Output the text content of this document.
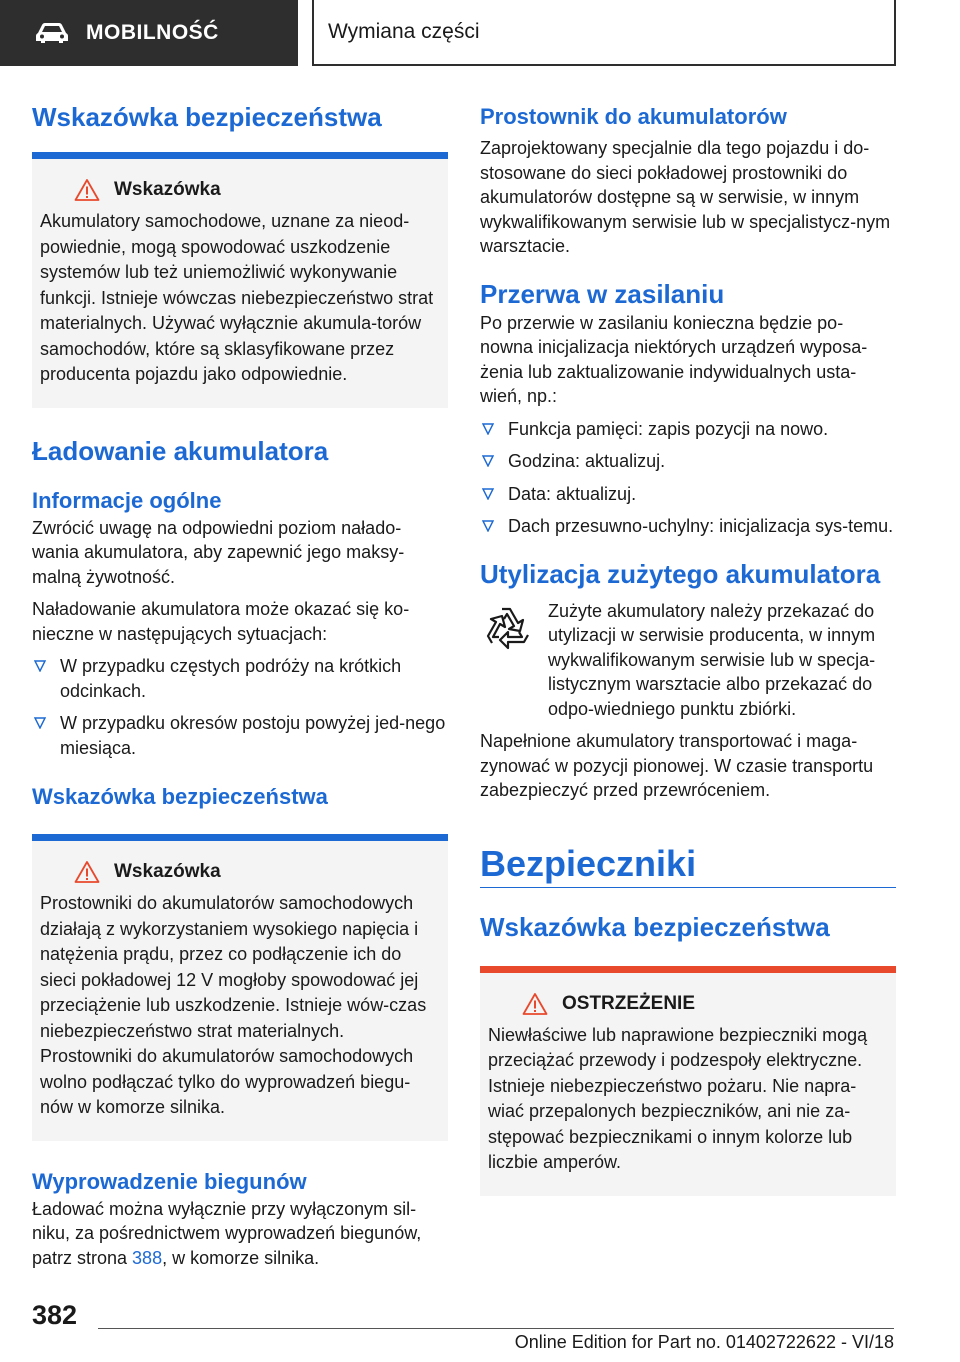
MOBILNOŚĆ	Wymiana części
Wskazówka bezpieczeństwa
Wskazówka

Akumulatory samochodowe, uznane za nieod-powiednie, mogą spowodować uszkodzenie systemów lub też uniemożliwić wykonywanie funkcji. Istnieje wówczas niebezpieczeństwo strat materialnych. Używać wyłącznie akumula-torów samochodów, które są sklasyfikowane przez producenta pojazdu jako odpowiednie.

Ładowanie akumulatora
Informacje ogólne

Zwrócić uwagę na odpowiedni poziom nałado-wania akumulatora, aby zapewnić jego maksy-malną żywotność.

Naładowanie akumulatora może okazać się ko-nieczne w następujących sytuacjach:

W przypadku częstych podróży na krótkich odcinkach.
W przypadku okresów postoju powyżej jed-nego miesiąca.
Wskazówka bezpieczeństwa
Wskazówka

Prostowniki do akumulatorów samochodowych działają z wykorzystaniem wysokiego napięcia i natężenia prądu, przez co podłączenie ich do sieci pokładowej 12 V mogłoby spowodować jej przeciążenie lub uszkodzenie. Istnieje wów-czas niebezpieczeństwo strat materialnych. Prostowniki do akumulatorów samochodowych wolno podłączać tylko do wyprowadzeń biegu-nów w komorze silnika.

Wyprowadzenie biegunów

Ładować można wyłącznie przy wyłączonym sil-niku, za pośrednictwem wyprowadzeń biegunów, patrz strona 388, w komorze silnika.

Prostownik do akumulatorów

Zaprojektowany specjalnie dla tego pojazdu i do-stosowane do sieci pokładowej prostowniki do akumulatorów dostępne są w serwisie, w innym wykwalifikowanym serwisie lub w specjalistycz-nym warsztacie.

Przerwa w zasilaniu

Po przerwie w zasilaniu konieczna będzie po-nowna inicjalizacja niektórych urządzeń wyposa-żenia lub zaktualizowanie indywidualnych usta-wień, np.:

Funkcja pamięci: zapis pozycji na nowo.
Godzina: aktualizuj.
Data: aktualizuj.
Dach przesuwno-uchylny: inicjalizacja sys-temu.
Utylizacja zużytego akumulatora

Zużyte akumulatory należy przekazać do utylizacji w serwisie producenta, w innym wykwalifikowanym serwisie lub w specja-listycznym warsztacie albo przekazać do odpo-wiedniego punktu zbiórki.

Napełnione akumulatory transportować i maga-zynować w pozycji pionowej. W czasie transportu zabezpieczyć przed przewróceniem.

Bezpieczniki
Wskazówka bezpieczeństwa
OSTRZEŻENIE

Niewłaściwe lub naprawione bezpieczniki mogą przeciążać przewody i podzespoły elektryczne. Istnieje niebezpieczeństwo pożaru. Nie napra-wiać przepalonych bezpieczników, ani nie za-stępować bezpiecznikami o innym kolorze lub liczbie amperów.

382
Online Edition for Part no. 01402722622 - VI/18
